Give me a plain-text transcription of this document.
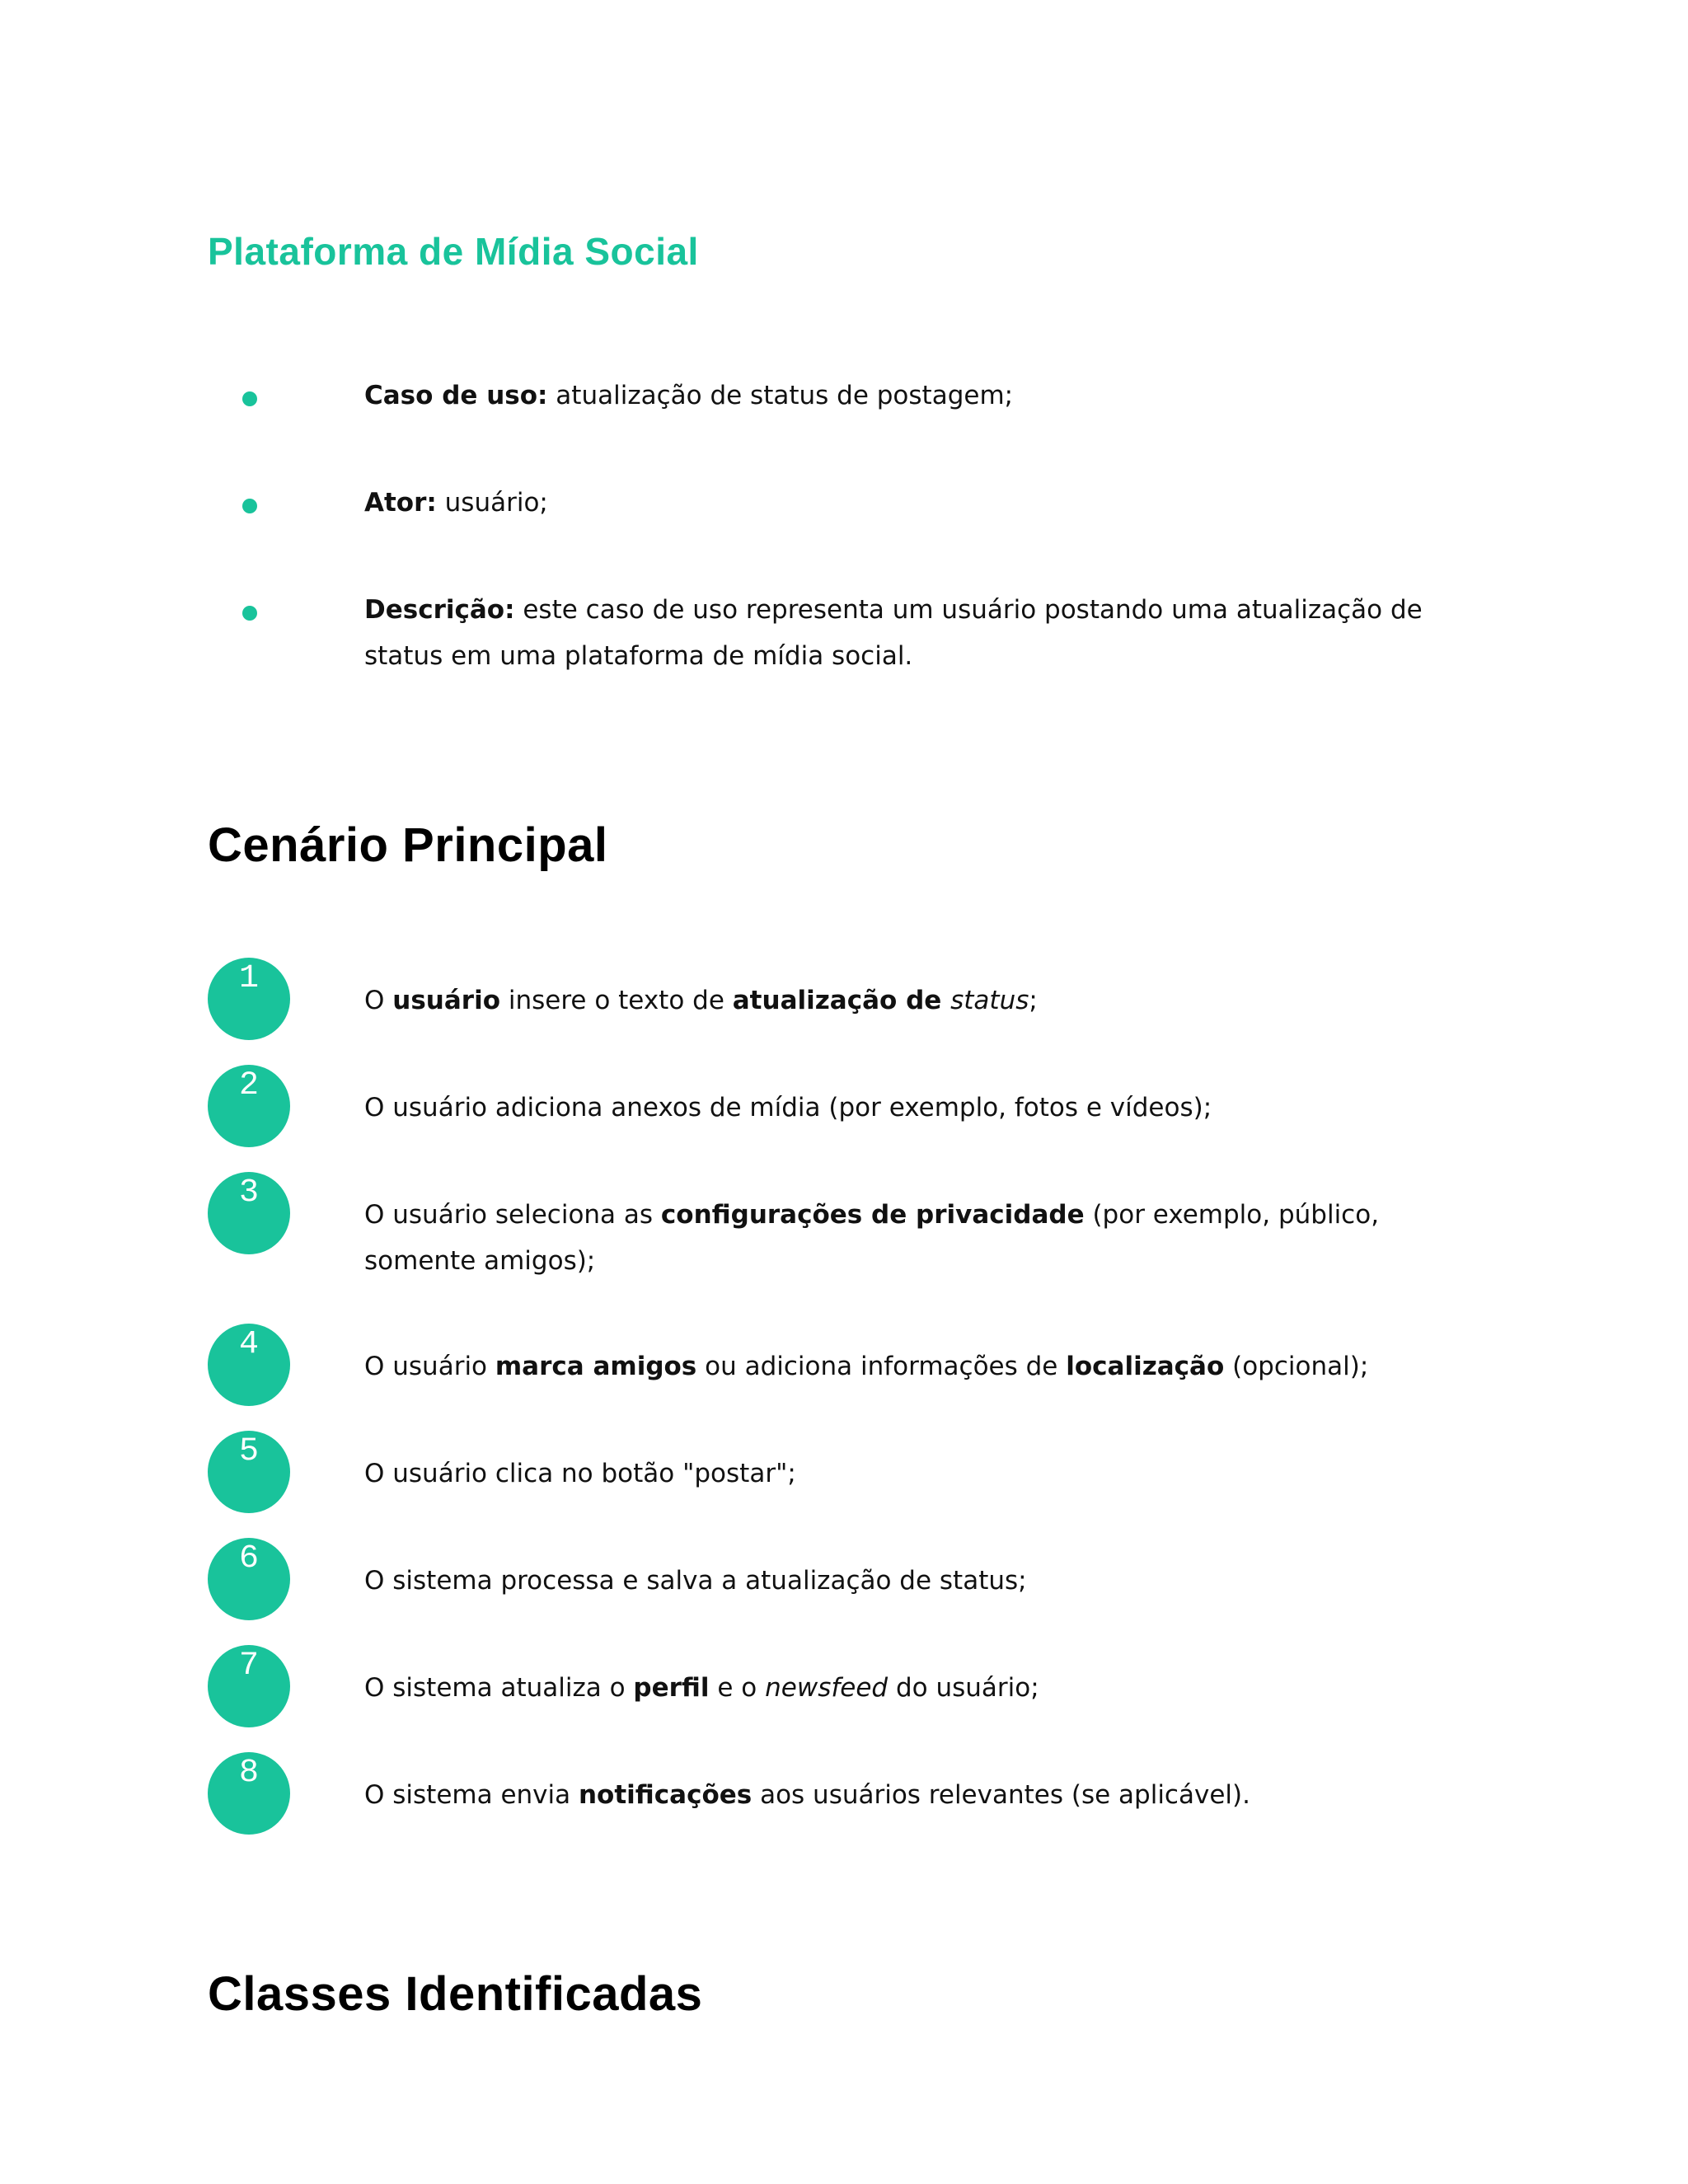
Plataforma de Mídia Social
Caso de uso: atualização de status de postagem;
Ator: usuário;
Descrição: este caso de uso representa um usuário postando uma atualização de status em uma plataforma de mídia social.
Cenário Principal
1
O usuário insere o texto de atualização de status;
2
O usuário adiciona anexos de mídia (por exemplo, fotos e vídeos);
3
O usuário seleciona as configurações de privacidade (por exemplo, público, somente amigos);
4
O usuário marca amigos ou adiciona informações de localização (opcional);
5
O usuário clica no botão "postar";
6
O sistema processa e salva a atualização de status;
7
O sistema atualiza o perfil e o newsfeed do usuário;
8
O sistema envia notificações aos usuários relevantes (se aplicável).
Classes Identificadas
